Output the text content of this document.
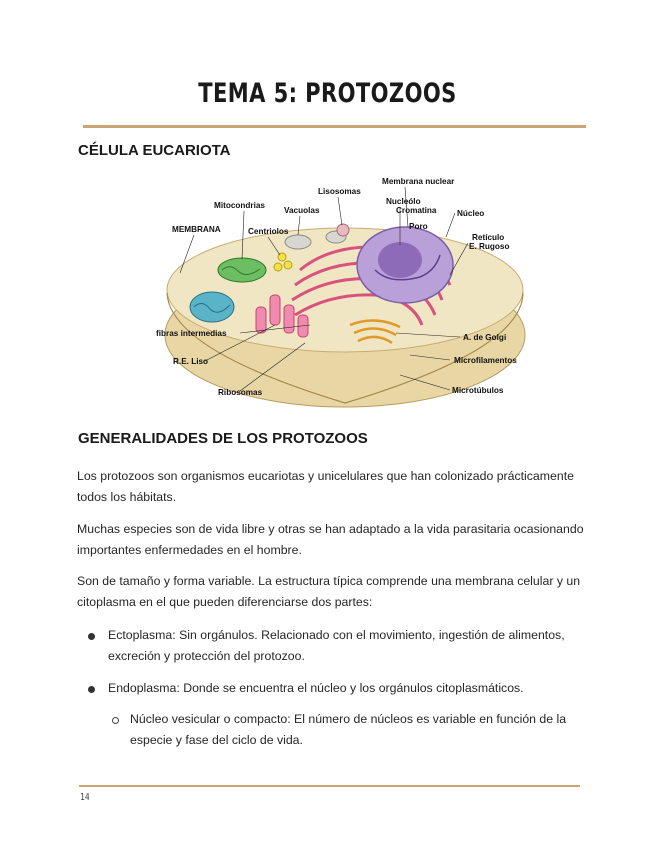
TEMA 5: PROTOZOOS
CÉLULA EUCARIOTA
Membrana nuclear
Lisosomas
Nucleólo
Cromatina	Núcleo
Mitocondrias
Vacuolas
Poro
MEMBRANA	Centriolos
Retículo
E. Rugoso
fibras intermedias	A. de Golgi
R.E. Liso	Microfilamentos
Ribosomas	Microtúbulos
GENERALIDADES DE LOS PROTOZOOS

Los protozoos son organismos eucariotas y unicelulares que han colonizado prácticamente todos los hábitats.

Muchas especies son de vida libre y otras se han adaptado a la vida parasitaria ocasionando importantes enfermedades en el hombre.

Son de tamaño y forma variable. La estructura típica comprende una membrana celular y un citoplasma en el que pueden diferenciarse dos partes:

Ectoplasma: Sin orgánulos. Relacionado con el movimiento, ingestión de alimentos, excreción y protección del protozoo.

Endoplasma: Donde se encuentra el núcleo y los orgánulos citoplasmáticos.

Núcleo vesicular o compacto: El número de núcleos es variable en función de la especie y fase del ciclo de vida.

14
